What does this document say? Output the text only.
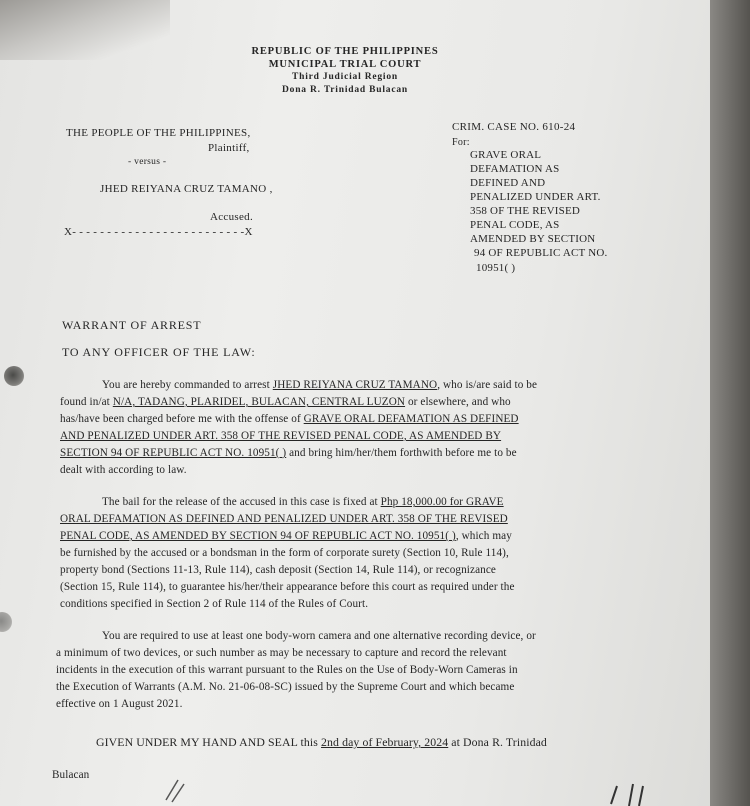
REPUBLIC OF THE PHILIPPINES
MUNICIPAL TRIAL COURT
Third Judicial Region
Dona R. Trinidad Bulacan
THE PEOPLE OF THE PHILIPPINES,
Plaintiff,
- versus -
JHED REIYANA CRUZ TAMANO ,
Accused.
X- - - - - - - - - - - - - - - - - - - - - - - - -X
CRIM. CASE NO. 610-24
For:
GRAVE ORAL
DEFAMATION AS
DEFINED AND
PENALIZED UNDER ART.
358 OF THE REVISED
PENAL CODE, AS
AMENDED BY SECTION
94 OF REPUBLIC ACT NO.
10951( )
WARRANT OF ARREST
TO ANY OFFICER OF THE LAW:
You are hereby commanded to arrest JHED REIYANA CRUZ TAMANO, who is/are said to be
found in/at N/A, TADANG, PLARIDEL, BULACAN, CENTRAL LUZON or elsewhere, and who
has/have been charged before me with the offense of GRAVE ORAL DEFAMATION AS DEFINED
AND PENALIZED UNDER ART. 358 OF THE REVISED PENAL CODE, AS AMENDED BY
SECTION 94 OF REPUBLIC ACT NO. 10951( ) and bring him/her/them forthwith before me to be
dealt with according to law.
The bail for the release of the accused in this case is fixed at Php 18,000.00 for GRAVE
ORAL DEFAMATION AS DEFINED AND PENALIZED UNDER ART. 358 OF THE REVISED
PENAL CODE, AS AMENDED BY SECTION 94 OF REPUBLIC ACT NO. 10951( ), which may
be furnished by the accused or a bondsman in the form of corporate surety (Section 10, Rule 114),
property bond (Sections 11-13, Rule 114), cash deposit (Section 14, Rule 114), or recognizance
(Section 15, Rule 114), to guarantee his/her/their appearance before this court as required under the
conditions specified in Section 2 of Rule 114 of the Rules of Court.
You are required to use at least one body-worn camera and one alternative recording device, or
a minimum of two devices, or such number as may be necessary to capture and record the relevant
incidents in the execution of this warrant pursuant to the Rules on the Use of Body-Worn Cameras in
the Execution of Warrants (A.M. No. 21-06-08-SC) issued by the Supreme Court and which became
effective on 1 August 2021.
GIVEN UNDER MY HAND AND SEAL this 2nd day of February, 2024 at Dona R. Trinidad
Bulacan
